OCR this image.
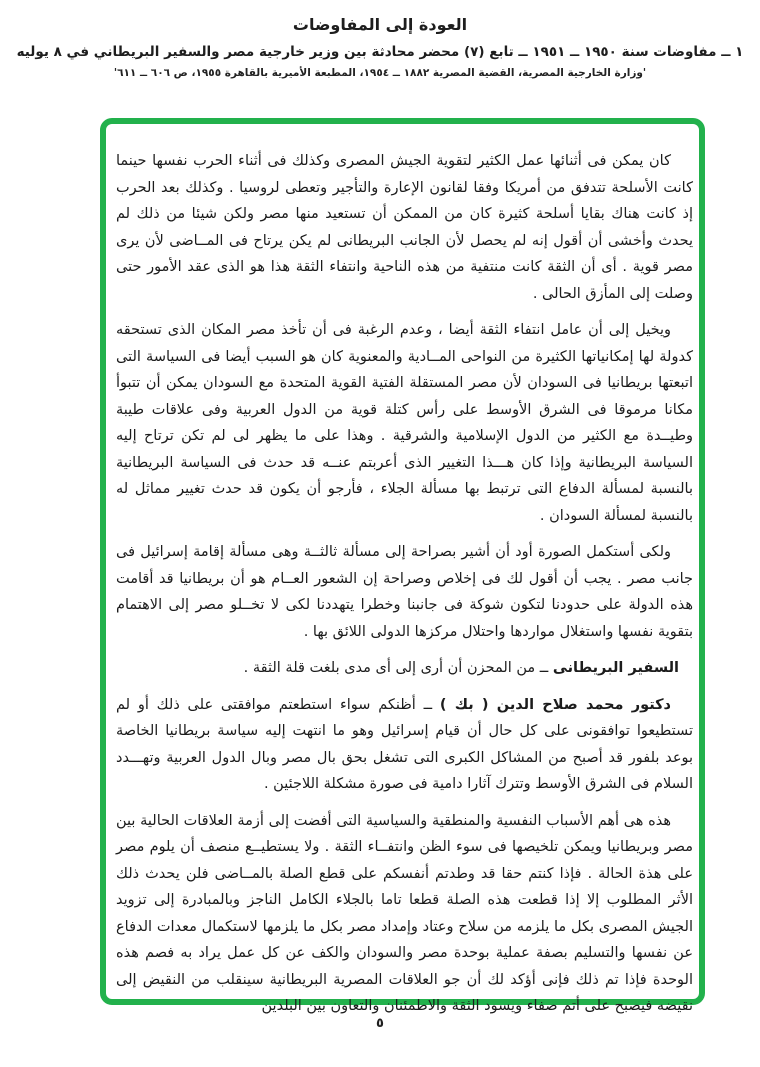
العودة إلى المفاوضات
١ ــ مفاوضات سنة ١٩٥٠ ــ ١٩٥١ ــ تابع (٧) محضر محادثة بين وزير خارجية مصر والسفير البريطاني في ٨ يوليه
'وزارة الخارجية المصرية، القضية المصرية ١٨٨٢ ــ ١٩٥٤، المطبعة الأميرية بالقاهرة ١٩٥٥، ص ٦٠٦ ــ ٦١١'

كان يمكن فى أثنائها عمل الكثير لتقوية الجيش المصرى وكذلك فى أثناء الحرب نفسها حينما كانت الأسلحة تتدفق من أمريكا وفقا لقانون الإعارة والتأجير وتعطى لروسيا . وكذلك بعد الحرب إذ كانت هناك بقايا أسلحة كثيرة كان من الممكن أن تستعيد منها مصر ولكن شيئا من ذلك لم يحدث وأخشى أن أقول إنه لم يحصل لأن الجانب البريطانى لم يكن يرتاح فى المــاضى لأن يرى مصر قوية . أى أن الثقة كانت منتفية من هذه الناحية وانتفاء الثقة هذا هو الذى عقد الأمور حتى وصلت إلى المأزق الحالى .

ويخيل إلى أن عامل انتفاء الثقة أيضا ، وعدم الرغبة فى أن تأخذ مصر المكان الذى تستحقه كدولة لها إمكانياتها الكثيرة من النواحى المــادية والمعنوية كان هو السبب أيضا فى السياسة التى اتبعتها بريطانيا فى السودان لأن مصر المستقلة الفتية القوية المتحدة مع السودان يمكن أن تتبوأ مكانا مرموقا فى الشرق الأوسط على رأس كتلة قوية من الدول العربية وفى علاقات طيبة وطيــدة مع الكثير من الدول الإسلامية والشرقية . وهذا على ما يظهر لى لم تكن ترتاح إليه السياسة البريطانية وإذا كان هـــذا التغيير الذى أعربتم عنــه قد حدث فى السياسة البريطانية بالنسبة لمسألة الدفاع التى ترتبط بها مسألة الجلاء ، فأرجو أن يكون قد حدث تغيير مماثل له بالنسبة لمسألة السودان .

ولكى أستكمل الصورة أود أن أشير بصراحة إلى مسألة ثالثــة وهى مسألة إقامة إسرائيل فى جانب مصر . يجب أن أقول لك فى إخلاص وصراحة إن الشعور العــام هو أن بريطانيا قد أقامت هذه الدولة على حدودنا لتكون شوكة فى جانبنا وخطرا يتهددنا لكى لا تخــلو مصر إلى الاهتمام بتقوية نفسها واستغلال مواردها واحتلال مركزها الدولى اللائق بها .

السفير البريطانى ــ من المحزن أن أرى إلى أى مدى بلغت قلة الثقة .

دكتور محمد صلاح الدين ( بك ) ــ أظنكم سواء استطعتم موافقتى على ذلك أو لم تستطيعوا توافقونى على كل حال أن قيام إسرائيل وهو ما انتهت إليه سياسة بريطانيا الخاصة بوعد بلفور قد أصبح من المشاكل الكبرى التى تشغل بحق بال مصر وبال الدول العربية وتهـــدد السلام فى الشرق الأوسط وتترك آثارا دامية فى صورة مشكلة اللاجئين .

هذه هى أهم الأسباب النفسية والمنطقية والسياسية التى أفضت إلى أزمة العلاقات الحالية بين مصر وبريطانيا ويمكن تلخيصها فى سوء الظن وانتفــاء الثقة . ولا يستطيــع منصف أن يلوم مصر على هذة الحالة . فإذا كنتم حقا قد وطدتم أنفسكم على قطع الصلة بالمــاضى فلن يحدث ذلك الأثر المطلوب إلا إذا قطعت هذه الصلة قطعا تاما بالجلاء الكامل الناجز وبالمبادرة إلى تزويد الجيش المصرى بكل ما يلزمه من سلاح وعتاد وإمداد مصر بكل ما يلزمها لاستكمال معدات الدفاع عن نفسها والتسليم بصفة عملية بوحدة مصر والسودان والكف عن كل عمل يراد به فصم هذه الوحدة فإذا تم ذلك فإنى أؤكد لك أن جو العلاقات المصرية البريطانية سينقلب من النقيض إلى نقيضه فيصبح على أتم صفاء ويسود الثقة والاطمئنان والتعاون بين البلدين

٥
